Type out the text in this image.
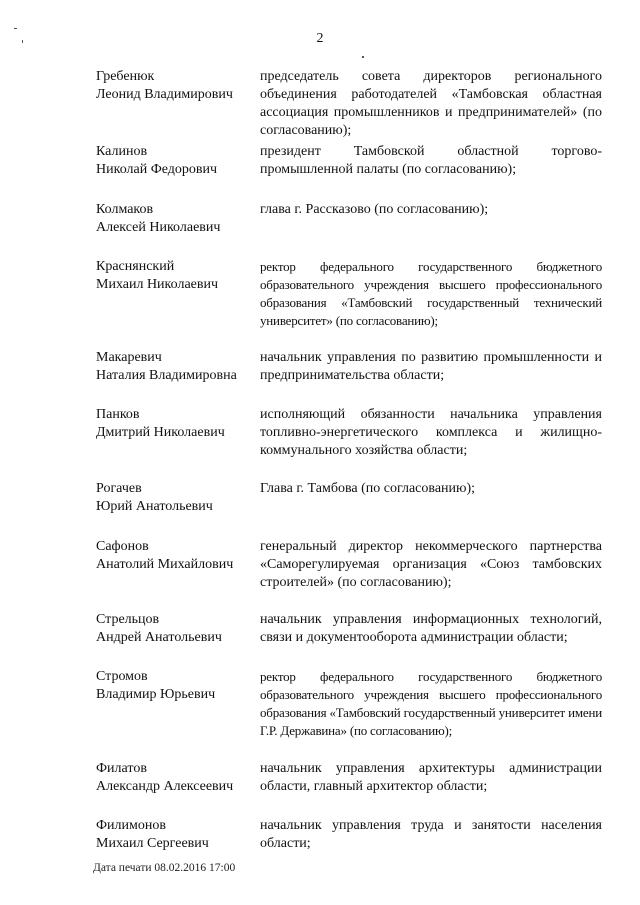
2
Гребенюк
Леонид Владимирович
председатель совета директоров регионального объединения работодателей «Тамбовская областная ассоциация промышленников и предпринимателей» (по согласованию);
Калинов
Николай Федорович
президент Тамбовской областной торгово-промышленной палаты (по согласованию);
Колмаков
Алексей Николаевич
глава г. Рассказово (по согласованию);
Краснянский
Михаил Николаевич
ректор федерального государственного бюджетного образовательного учреждения высшего профессионального образования «Тамбовский государственный технический университет» (по согласованию);
Макаревич
Наталия Владимировна
начальник управления по развитию промышленности и предпринимательства области;
Панков
Дмитрий Николаевич
исполняющий обязанности начальника управления топливно-энергетического комплекса и жилищно-коммунального хозяйства области;
Рогачев
Юрий Анатольевич
Глава г. Тамбова (по согласованию);
Сафонов
Анатолий Михайлович
генеральный директор некоммерческого партнерства «Саморегулируемая организация «Союз тамбовских строителей» (по согласованию);
Стрельцов
Андрей Анатольевич
начальник управления информационных технологий, связи и документооборота администрации области;
Стромов
Владимир Юрьевич
ректор федерального государственного бюджетного образовательного учреждения высшего профессионального образования «Тамбовский государственный университет имени Г.Р. Державина» (по согласованию);
Филатов
Александр Алексеевич
начальник управления архитектуры администрации области, главный архитектор области;
Филимонов
Михаил Сергеевич
начальник управления труда и занятости населения области;
Дата печати 08.02.2016 17:00
